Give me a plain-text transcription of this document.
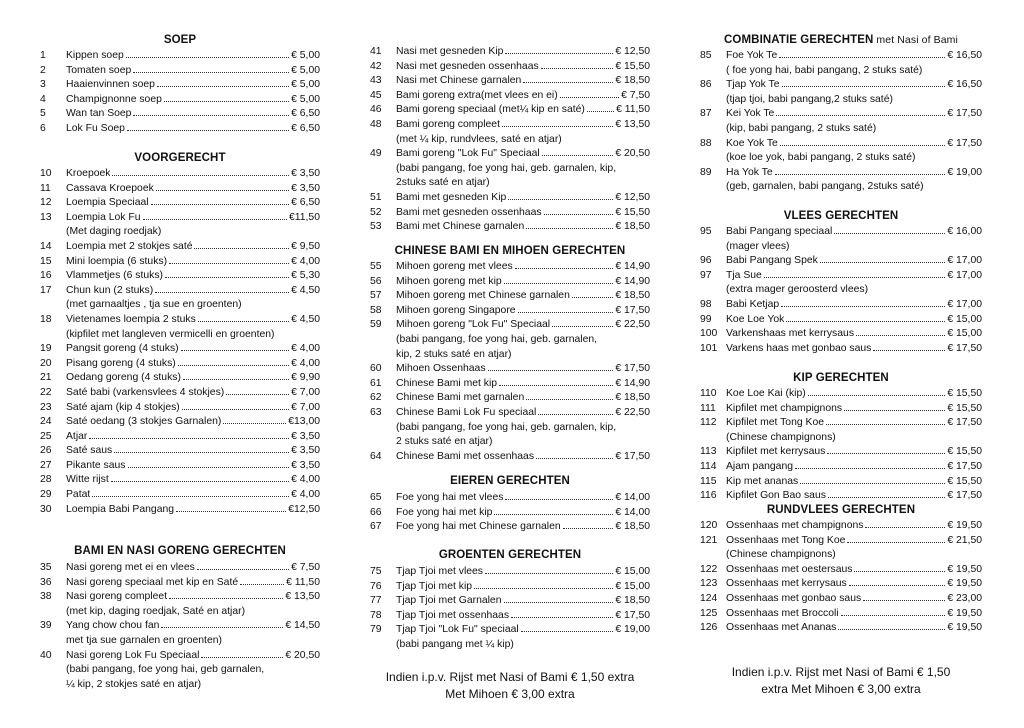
SOEP
1	Kippen soep	€ 5,00
2	Tomaten soep	€ 5,00
3	Haaienvinnen soep	€ 5,00
4	Champignonne soep	€ 5,00
5	Wan tan Soep	€ 6,50
6	Lok Fu Soep	€ 6,50
VOORGERECHT
10	Kroepoek	€ 3,50
11	Cassava Kroepoek	€ 3,50
12	Loempia Speciaal	€ 6,50
13	Loempia Lok Fu	€11,50
(Met daging roedjak)
14	Loempia met 2 stokjes saté	€ 9,50
15	Mini loempia (6 stuks)	€ 4,00
16	Vlammetjes (6 stuks)	€ 5,30
17	Chun kun (2 stuks)	€ 4,50
(met garnaaltjes , tja sue en groenten)
18	Vietenames loempia 2 stuks	€ 4,50
(kipfilet met langleven vermicelli en groenten)
19	Pangsit goreng (4 stuks)	€ 4,00
20	Pisang goreng (4 stuks)	€ 4,00
21	Oedang goreng (4 stuks)	€ 9,90
22	Saté babi (varkensvlees 4 stokjes)	€ 7,00
23	Saté ajam (kip 4 stokjes)	€ 7,00
24	Saté oedang (3 stokjes Garnalen)	€13,00
25	Atjar	€ 3,50
26	Saté saus	€ 3,50
27	Pikante saus	€ 3,50
28	Witte rijst	€ 4,00
29	Patat	€ 4,00
30	Loempia Babi Pangang	€12,50
BAMI EN NASI GORENG GERECHTEN
35	Nasi goreng met ei en vlees	€ 7,50
36	Nasi goreng speciaal met kip en Saté	€ 11,50
38	Nasi goreng compleet	€ 13,50
(met kip, daging roedjak, Saté en atjar)
39	Yang chow chou fan	€ 14,50
met tja sue garnalen en groenten)
40	Nasi goreng Lok Fu Speciaal	€ 20,50
(babi pangang, foe yong hai, geb garnalen,
¼ kip, 2 stokjes saté en atjar)
41	Nasi met gesneden Kip	€ 12,50
42	Nasi met gesneden ossenhaas	€ 15,50
43	Nasi met Chinese garnalen	€ 18,50
45	Bami goreng extra(met vlees en ei)	€ 7,50
46	Bami goreng speciaal (met¼ kip en saté)	€ 11,50
48	Bami goreng compleet	€ 13,50
(met ¼ kip, rundvlees, saté en atjar)
49	Bami goreng "Lok Fu" Speciaal	€ 20,50
(babi pangang, foe yong hai, geb. garnalen, kip,
2stuks saté en atjar)
51	Bami met gesneden Kip	€ 12,50
52	Bami met gesneden ossenhaas	€ 15,50
53	Bami met Chinese garnalen	€ 18,50
CHINESE BAMI EN MIHOEN GERECHTEN
55	Mihoen goreng met vlees	€ 14,90
56	Mihoen goreng met kip	€ 14,90
57	Mihoen goreng met Chinese garnalen	€ 18,50
58	Mihoen goreng Singapore	€ 17,50
59	Mihoen goreng "Lok Fu" Speciaal	€ 22,50
(babi pangang, foe yong hai, geb. garnalen,
kip, 2 stuks saté en atjar)
60	Mihoen Ossenhaas	€ 17,50
61	Chinese Bami met kip	€ 14,90
62	Chinese Bami met garnalen	€ 18,50
63	Chinese Bami Lok Fu speciaal	€ 22,50
(babi pangang, foe yong hai, geb. garnalen, kip,
2 stuks saté en atjar)
64	Chinese Bami met ossenhaas	€ 17,50
EIEREN GERECHTEN
65	Foe yong hai met vlees	€ 14,00
66	Foe yong hai met kip	€ 14,00
67	Foe yong hai met Chinese garnalen	€ 18,50
GROENTEN GERECHTEN
75	Tjap Tjoi met vlees	€ 15,00
76	Tjap Tjoi met kip	€ 15,00
77	Tjap Tjoi met Garnalen	€ 18,50
78	Tjap Tjoi met ossenhaas	€ 17,50
79	Tjap Tjoi "Lok Fu" speciaal	€ 19,00
(babi pangang met ¼ kip)
Indien i.p.v. Rijst met Nasi of Bami € 1,50 extra
Met Mihoen € 3,00 extra
COMBINATIE GERECHTEN met Nasi of Bami
85	Foe Yok Te	€ 16,50
( foe yong hai, babi pangang, 2 stuks saté)
86	Tjap Yok Te	€ 16,50
(tjap tjoi, babi pangang,2 stuks saté)
87	Kei Yok Te	€ 17,50
(kip, babi pangang, 2 stuks saté)
88	Koe Yok Te	€ 17,50
(koe loe yok, babi pangang, 2 stuks saté)
89	Ha Yok Te	€ 19,00
(geb, garnalen, babi pangang, 2stuks saté)
VLEES GERECHTEN
95	Babi Pangang speciaal	€ 16,00
(mager vlees)
96	Babi Pangang Spek	€ 17,00
97	Tja Sue	€ 17,00
(extra mager geroosterd vlees)
98	Babi Ketjap	€ 17,00
99	Koe Loe Yok	€ 15,00
100 Varkenshaas met kerrysaus	€ 15,00
101 Varkens haas met gonbao saus	€ 17,50
KIP GERECHTEN
110 Koe Loe Kai (kip)	€ 15,50
111 Kipfilet met champignons	€ 15,50
112 Kipfilet met Tong Koe	€ 17,50
(Chinese champignons)
113 Kipfilet met kerrysaus	€ 15,50
114 Ajam pangang	€ 17,50
115 Kip met ananas	€ 15,50
116 Kipfilet Gon Bao saus	€ 17,50
RUNDVLEES GERECHTEN
120 Ossenhaas met champignons	€ 19,50
121 Ossenhaas met Tong Koe	€ 21,50
(Chinese champignons)
122 Ossenhaas met oestersaus	€ 19,50
123 Ossenhaas met kerrysaus	€ 19,50
124 Ossenhaas met gonbao saus	€ 23,00
125 Ossenhaas met Broccoli	€ 19,50
126 Ossenhaas met Ananas	€ 19,50
Indien i.p.v. Rijst met Nasi of Bami € 1,50
extra Met Mihoen € 3,00 extra
